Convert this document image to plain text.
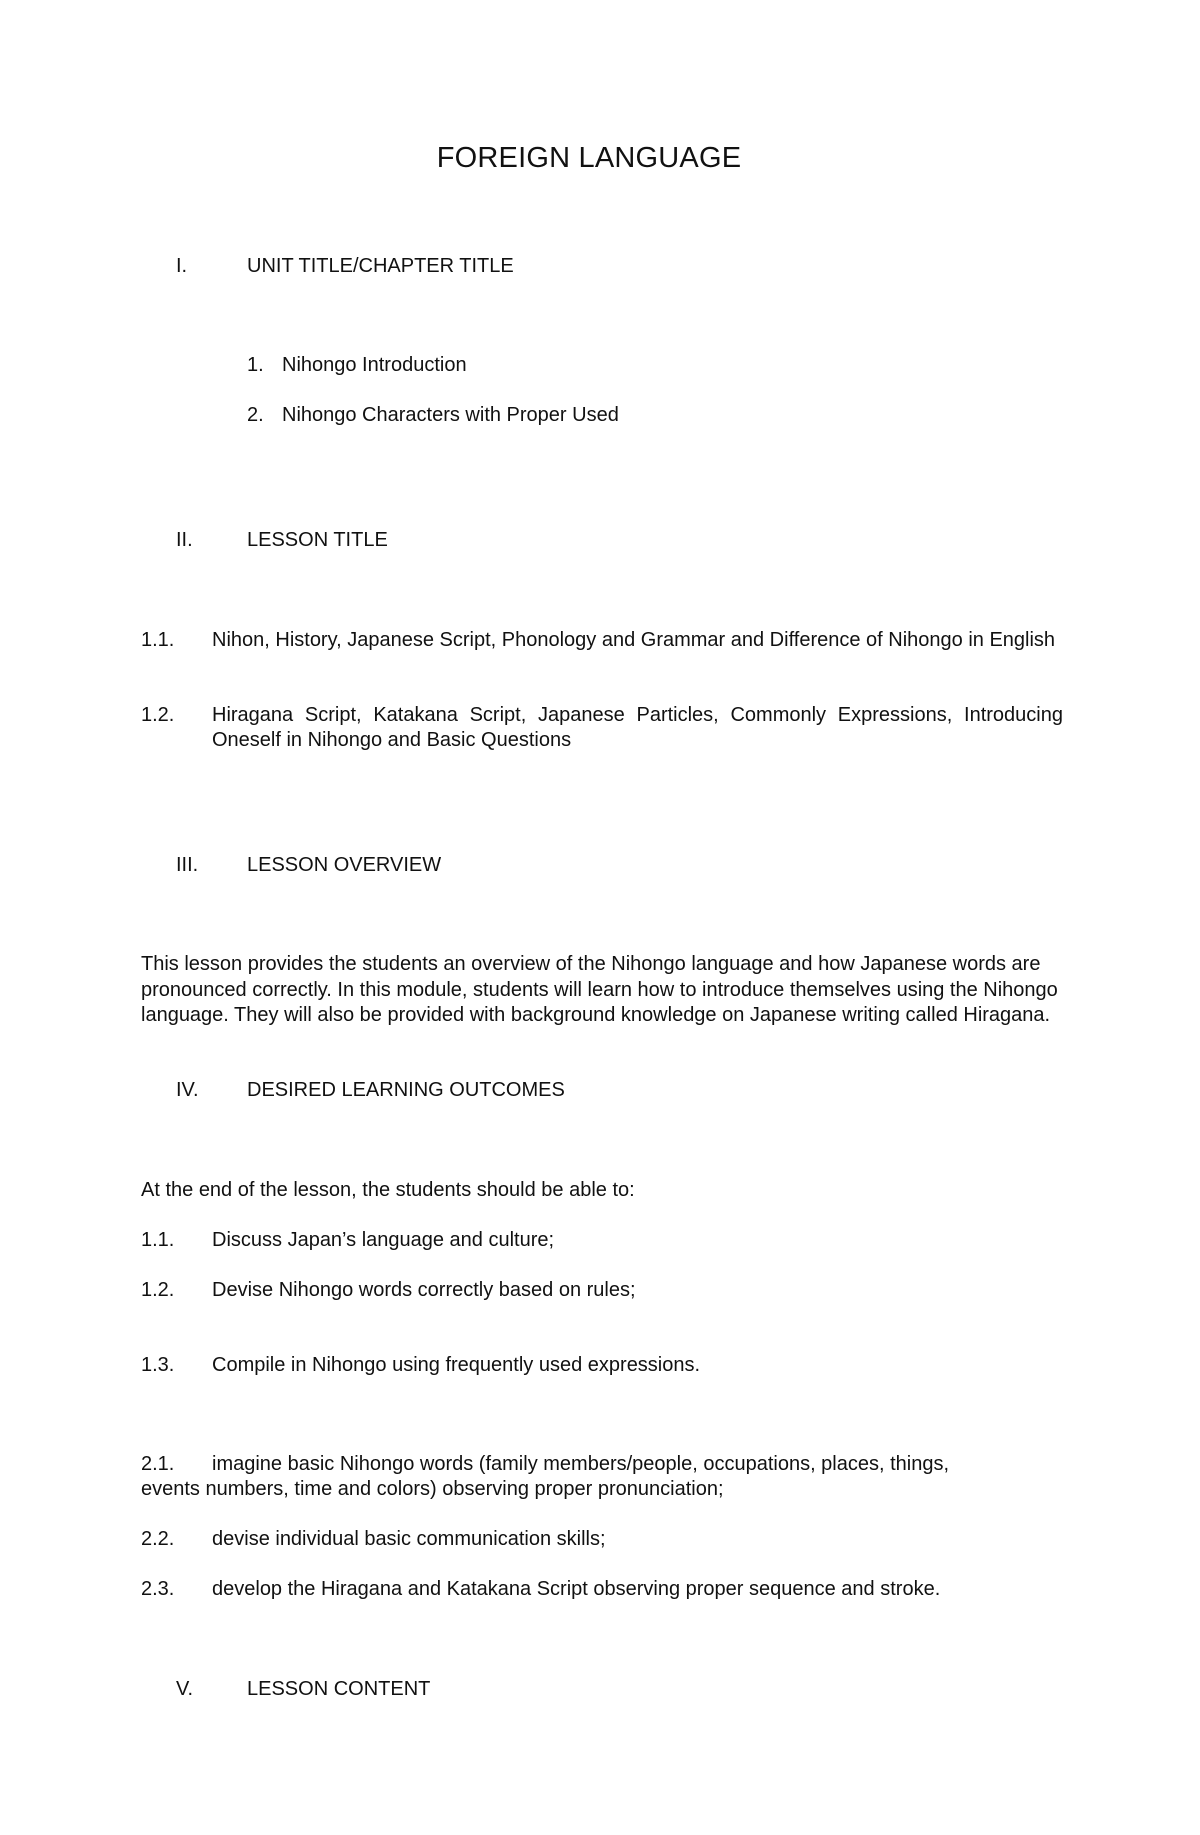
FOREIGN LANGUAGE
I.	UNIT TITLE/CHAPTER TITLE
1. Nihongo Introduction
2. Nihongo Characters with Proper Used
II.	LESSON TITLE
1.1. Nihon, History, Japanese Script, Phonology and Grammar and Difference of Nihongo in English
1.2. Hiragana Script, Katakana Script, Japanese Particles, Commonly Expressions, Introducing Oneself in Nihongo and Basic Questions
III. LESSON OVERVIEW
This lesson provides the students an overview of the Nihongo language and how Japanese words are pronounced correctly. In this module, students will learn how to introduce themselves using the Nihongo language. They will also be provided with background knowledge on Japanese writing called Hiragana.
IV. DESIRED LEARNING OUTCOMES
At the end of the lesson, the students should be able to:
1.1. Discuss Japan’s language and culture;
1.2. Devise Nihongo words correctly based on rules;
1.3. Compile in Nihongo using frequently used expressions.
2.1. imagine basic Nihongo words (family members/people, occupations, places, things,
events numbers, time and colors) observing proper pronunciation;
2.2. devise individual basic communication skills;
2.3. develop the Hiragana and Katakana Script observing proper sequence and stroke.
V.	LESSON CONTENT
